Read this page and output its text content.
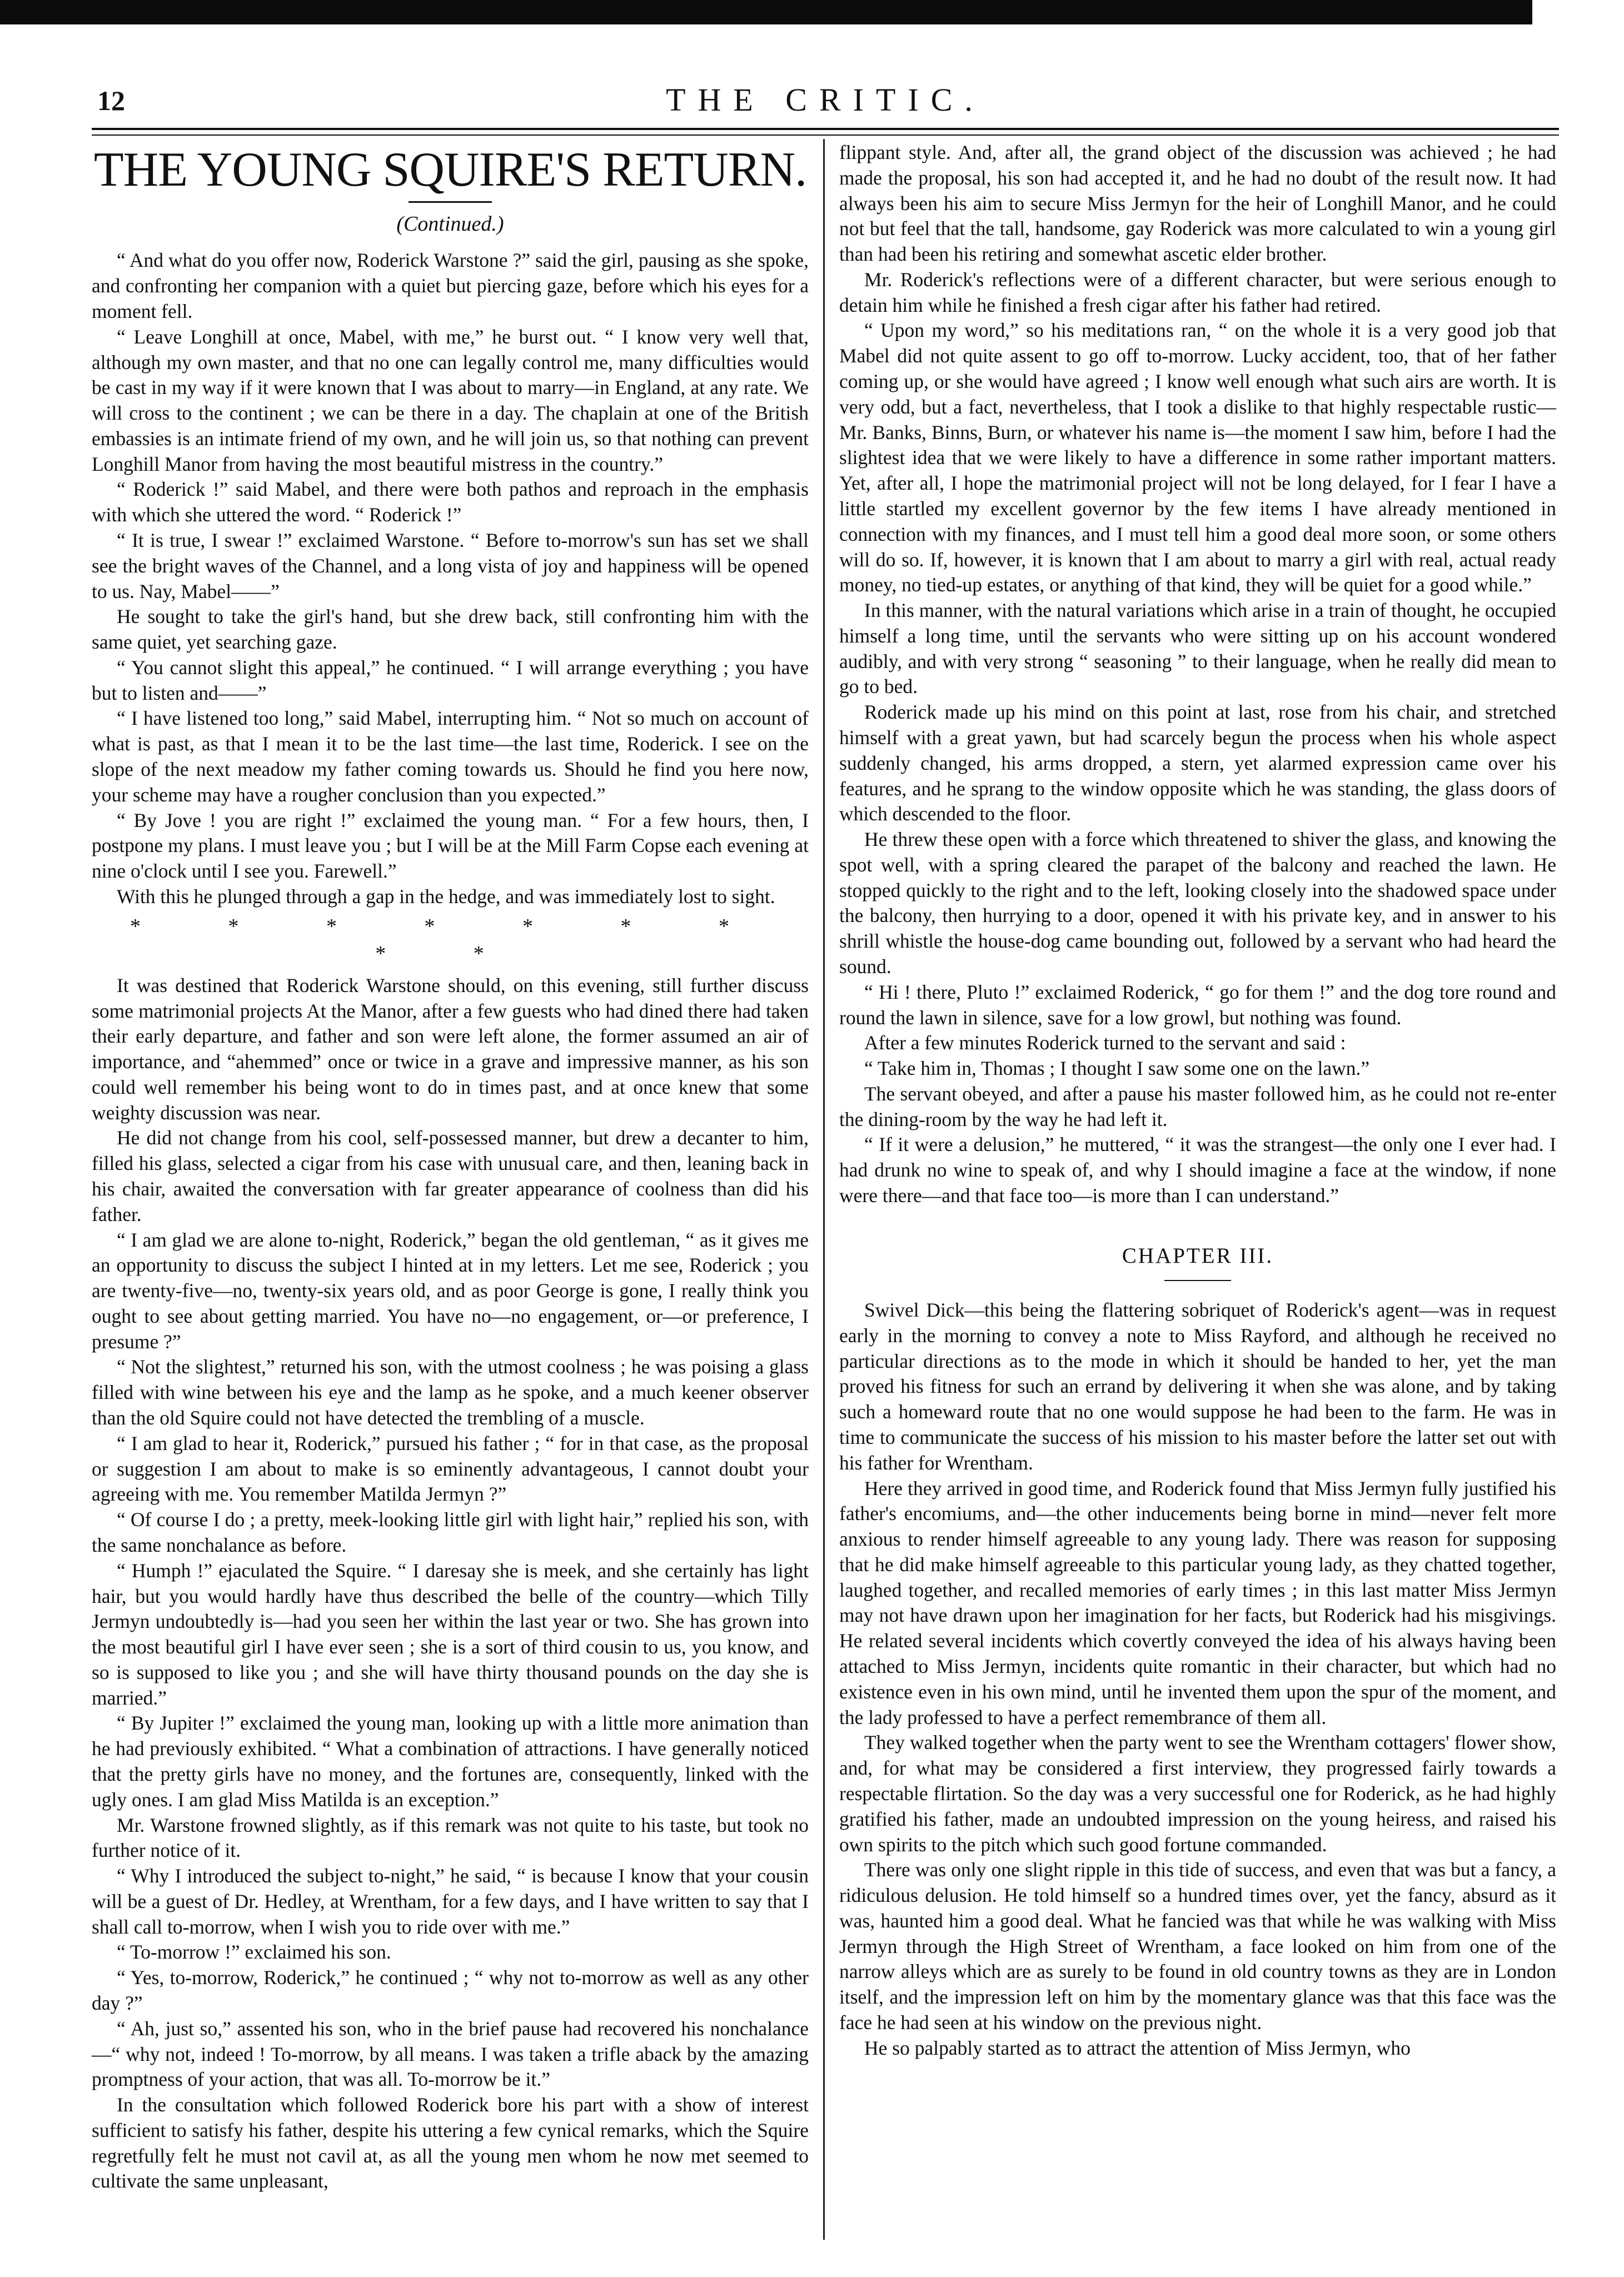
12	THE CRITIC.
THE YOUNG SQUIRE'S RETURN.
(Continued.)

“ And what do you offer now, Roderick Warstone ?” said the girl, pausing as she spoke, and confronting her companion with a quiet but piercing gaze, before which his eyes for a moment fell.

“ Leave Longhill at once, Mabel, with me,” he burst out. “ I know very well that, although my own master, and that no one can legally control me, many difficulties would be cast in my way if it were known that I was about to marry—in England, at any rate. We will cross to the continent ; we can be there in a day. The chaplain at one of the British embassies is an intimate friend of my own, and he will join us, so that nothing can prevent Longhill Manor from having the most beautiful mistress in the country.”

“ Roderick !” said Mabel, and there were both pathos and reproach in the emphasis with which she uttered the word. “ Roderick !”

“ It is true, I swear !” exclaimed Warstone. “ Before to-morrow's sun has set we shall see the bright waves of the Channel, and a long vista of joy and happiness will be opened to us. Nay, Mabel——”

He sought to take the girl's hand, but she drew back, still confronting him with the same quiet, yet searching gaze.

“ You cannot slight this appeal,” he continued. “ I will arrange everything ; you have but to listen and——”

“ I have listened too long,” said Mabel, interrupting him. “ Not so much on account of what is past, as that I mean it to be the last time—the last time, Roderick. I see on the slope of the next meadow my father coming towards us. Should he find you here now, your scheme may have a rougher conclusion than you expected.”

“ By Jove ! you are right !” exclaimed the young man. “ For a few hours, then, I postpone my plans. I must leave you ; but I will be at the Mill Farm Copse each evening at nine o'clock until I see you. Farewell.”

With this he plunged through a gap in the hedge, and was immediately lost to sight.

* * * * * * * * *

It was destined that Roderick Warstone should, on this evening, still further discuss some matrimonial projects At the Manor, after a few guests who had dined there had taken their early departure, and father and son were left alone, the former assumed an air of importance, and “ahemmed” once or twice in a grave and impressive manner, as his son could well remember his being wont to do in times past, and at once knew that some weighty discussion was near.

He did not change from his cool, self-possessed manner, but drew a decanter to him, filled his glass, selected a cigar from his case with unusual care, and then, leaning back in his chair, awaited the conversation with far greater appearance of coolness than did his father.

“ I am glad we are alone to-night, Roderick,” began the old gentleman, “ as it gives me an opportunity to discuss the subject I hinted at in my letters. Let me see, Roderick ; you are twenty-five—no, twenty-six years old, and as poor George is gone, I really think you ought to see about getting married. You have no—no engagement, or—or preference, I presume ?”

“ Not the slightest,” returned his son, with the utmost coolness ; he was poising a glass filled with wine between his eye and the lamp as he spoke, and a much keener observer than the old Squire could not have detected the trembling of a muscle.

“ I am glad to hear it, Roderick,” pursued his father ; “ for in that case, as the proposal or suggestion I am about to make is so eminently advantageous, I cannot doubt your agreeing with me. You remember Matilda Jermyn ?”

“ Of course I do ; a pretty, meek-looking little girl with light hair,” replied his son, with the same nonchalance as before.

“ Humph !” ejaculated the Squire. “ I daresay she is meek, and she certainly has light hair, but you would hardly have thus described the belle of the country—which Tilly Jermyn undoubtedly is—had you seen her within the last year or two. She has grown into the most beautiful girl I have ever seen ; she is a sort of third cousin to us, you know, and so is supposed to like you ; and she will have thirty thousand pounds on the day she is married.”

“ By Jupiter !” exclaimed the young man, looking up with a little more animation than he had previously exhibited. “ What a combination of attractions. I have generally noticed that the pretty girls have no money, and the fortunes are, consequently, linked with the ugly ones. I am glad Miss Matilda is an exception.”

Mr. Warstone frowned slightly, as if this remark was not quite to his taste, but took no further notice of it.

“ Why I introduced the subject to-night,” he said, “ is because I know that your cousin will be a guest of Dr. Hedley, at Wrentham, for a few days, and I have written to say that I shall call to-morrow, when I wish you to ride over with me.”

“ To-morrow !” exclaimed his son.

“ Yes, to-morrow, Roderick,” he continued ; “ why not to-morrow as well as any other day ?”

“ Ah, just so,” assented his son, who in the brief pause had recovered his nonchalance—“ why not, indeed ! To-morrow, by all means. I was taken a trifle aback by the amazing promptness of your action, that was all. To-morrow be it.”

In the consultation which followed Roderick bore his part with a show of interest sufficient to satisfy his father, despite his uttering a few cynical remarks, which the Squire regretfully felt he must not cavil at, as all the young men whom he now met seemed to cultivate the same unpleasant,

flippant style. And, after all, the grand object of the discussion was achieved ; he had made the proposal, his son had accepted it, and he had no doubt of the result now. It had always been his aim to secure Miss Jermyn for the heir of Longhill Manor, and he could not but feel that the tall, handsome, gay Roderick was more calculated to win a young girl than had been his retiring and somewhat ascetic elder brother.

Mr. Roderick's reflections were of a different character, but were serious enough to detain him while he finished a fresh cigar after his father had retired.

“ Upon my word,” so his meditations ran, “ on the whole it is a very good job that Mabel did not quite assent to go off to-morrow. Lucky accident, too, that of her father coming up, or she would have agreed ; I know well enough what such airs are worth. It is very odd, but a fact, nevertheless, that I took a dislike to that highly respectable rustic—Mr. Banks, Binns, Burn, or whatever his name is—the moment I saw him, before I had the slightest idea that we were likely to have a difference in some rather important matters. Yet, after all, I hope the matrimonial project will not be long delayed, for I fear I have a little startled my excellent governor by the few items I have already mentioned in connection with my finances, and I must tell him a good deal more soon, or some others will do so. If, however, it is known that I am about to marry a girl with real, actual ready money, no tied-up estates, or anything of that kind, they will be quiet for a good while.”

In this manner, with the natural variations which arise in a train of thought, he occupied himself a long time, until the servants who were sitting up on his account wondered audibly, and with very strong “ seasoning ” to their language, when he really did mean to go to bed.

Roderick made up his mind on this point at last, rose from his chair, and stretched himself with a great yawn, but had scarcely begun the process when his whole aspect suddenly changed, his arms dropped, a stern, yet alarmed expression came over his features, and he sprang to the window opposite which he was standing, the glass doors of which descended to the floor.

He threw these open with a force which threatened to shiver the glass, and knowing the spot well, with a spring cleared the parapet of the balcony and reached the lawn. He stopped quickly to the right and to the left, looking closely into the shadowed space under the balcony, then hurrying to a door, opened it with his private key, and in answer to his shrill whistle the house-dog came bounding out, followed by a servant who had heard the sound.

“ Hi ! there, Pluto !” exclaimed Roderick, “ go for them !” and the dog tore round and round the lawn in silence, save for a low growl, but nothing was found.

After a few minutes Roderick turned to the servant and said :

“ Take him in, Thomas ; I thought I saw some one on the lawn.”

The servant obeyed, and after a pause his master followed him, as he could not re-enter the dining-room by the way he had left it.

“ If it were a delusion,” he muttered, “ it was the strangest—the only one I ever had. I had drunk no wine to speak of, and why I should imagine a face at the window, if none were there—and that face too—is more than I can understand.”

CHAPTER III.

Swivel Dick—this being the flattering sobriquet of Roderick's agent—was in request early in the morning to convey a note to Miss Rayford, and although he received no particular directions as to the mode in which it should be handed to her, yet the man proved his fitness for such an errand by delivering it when she was alone, and by taking such a homeward route that no one would suppose he had been to the farm. He was in time to communicate the success of his mission to his master before the latter set out with his father for Wrentham.

Here they arrived in good time, and Roderick found that Miss Jermyn fully justified his father's encomiums, and—the other inducements being borne in mind—never felt more anxious to render himself agreeable to any young lady. There was reason for supposing that he did make himself agreeable to this particular young lady, as they chatted together, laughed together, and recalled memories of early times ; in this last matter Miss Jermyn may not have drawn upon her imagination for her facts, but Roderick had his misgivings. He related several incidents which covertly conveyed the idea of his always having been attached to Miss Jermyn, incidents quite romantic in their character, but which had no existence even in his own mind, until he invented them upon the spur of the moment, and the lady professed to have a perfect remembrance of them all.

They walked together when the party went to see the Wrentham cottagers' flower show, and, for what may be considered a first interview, they progressed fairly towards a respectable flirtation. So the day was a very successful one for Roderick, as he had highly gratified his father, made an undoubted impression on the young heiress, and raised his own spirits to the pitch which such good fortune commanded.

There was only one slight ripple in this tide of success, and even that was but a fancy, a ridiculous delusion. He told himself so a hundred times over, yet the fancy, absurd as it was, haunted him a good deal. What he fancied was that while he was walking with Miss Jermyn through the High Street of Wrentham, a face looked on him from one of the narrow alleys which are as surely to be found in old country towns as they are in London itself, and the impression left on him by the momentary glance was that this face was the face he had seen at his window on the previous night.

He so palpably started as to attract the attention of Miss Jermyn, who
